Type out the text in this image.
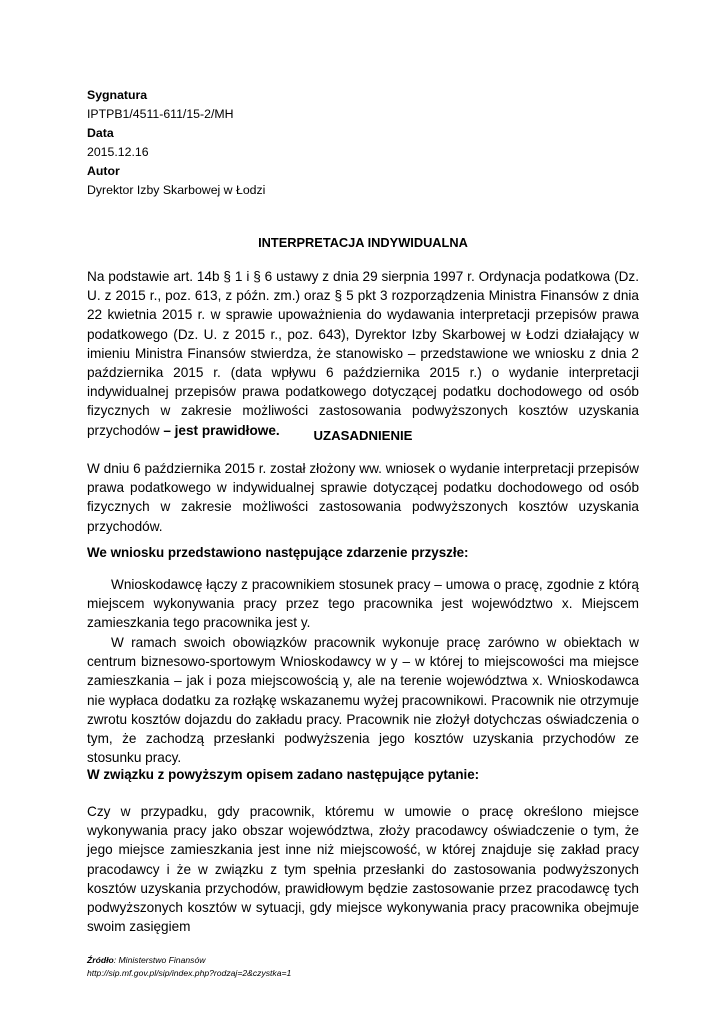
Sygnatura
IPTPB1/4511-611/15-2/MH
Data
2015.12.16
Autor
Dyrektor Izby Skarbowej w Łodzi
INTERPRETACJA INDYWIDUALNA

Na podstawie art. 14b § 1 i § 6 ustawy z dnia 29 sierpnia 1997 r. Ordynacja podatkowa (Dz. U. z 2015 r., poz. 613, z późn. zm.) oraz § 5 pkt 3 rozporządzenia Ministra Finansów z dnia 22 kwietnia 2015 r. w sprawie upoważnienia do wydawania interpretacji przepisów prawa podatkowego (Dz. U. z 2015 r., poz. 643), Dyrektor Izby Skarbowej w Łodzi działający w imieniu Ministra Finansów stwierdza, że stanowisko – przedstawione we wniosku z dnia 2 października 2015 r. (data wpływu 6 października 2015 r.) o wydanie interpretacji indywidualnej przepisów prawa podatkowego dotyczącej podatku dochodowego od osób fizycznych w zakresie możliwości zastosowania podwyższonych kosztów uzyskania przychodów – jest prawidłowe.	UZASADNIENIE

W dniu 6 października 2015 r. został złożony ww. wniosek o wydanie interpretacji przepisów prawa podatkowego w indywidualnej sprawie dotyczącej podatku dochodowego od osób fizycznych w zakresie możliwości zastosowania podwyższonych kosztów uzyskania przychodów.

We wniosku przedstawiono następujące zdarzenie przyszłe:

Wnioskodawcę łączy z pracownikiem stosunek pracy – umowa o pracę, zgodnie z którą miejscem wykonywania pracy przez tego pracownika jest województwo x. Miejscem zamieszkania tego pracownika jest y.

W ramach swoich obowiązków pracownik wykonuje pracę zarówno w obiektach w centrum biznesowo-sportowym Wnioskodawcy w y – w której to miejscowości ma miejsce zamieszkania – jak i poza miejscowością y, ale na terenie województwa x. Wnioskodawca nie wypłaca dodatku za rozłąkę wskazanemu wyżej pracownikowi. Pracownik nie otrzymuje zwrotu kosztów dojazdu do zakładu pracy. Pracownik nie złożył dotychczas oświadczenia o tym, że zachodzą przesłanki podwyższenia jego kosztów uzyskania przychodów ze stosunku pracy.

W związku z powyższym opisem zadano następujące pytanie:

Czy w przypadku, gdy pracownik, któremu w umowie o pracę określono miejsce wykonywania pracy jako obszar województwa, złoży pracodawcy oświadczenie o tym, że jego miejsce zamieszkania jest inne niż miejscowość, w której znajduje się zakład pracy pracodawcy i że w związku z tym spełnia przesłanki do zastosowania podwyższonych kosztów uzyskania przychodów, prawidłowym będzie zastosowanie przez pracodawcę tych podwyższonych kosztów w sytuacji, gdy miejsce wykonywania pracy pracownika obejmuje swoim zasięgiem

Źródło: Ministerstwo Finansów
http://sip.mf.gov.pl/sip/index.php?rodzaj=2&czystka=1
